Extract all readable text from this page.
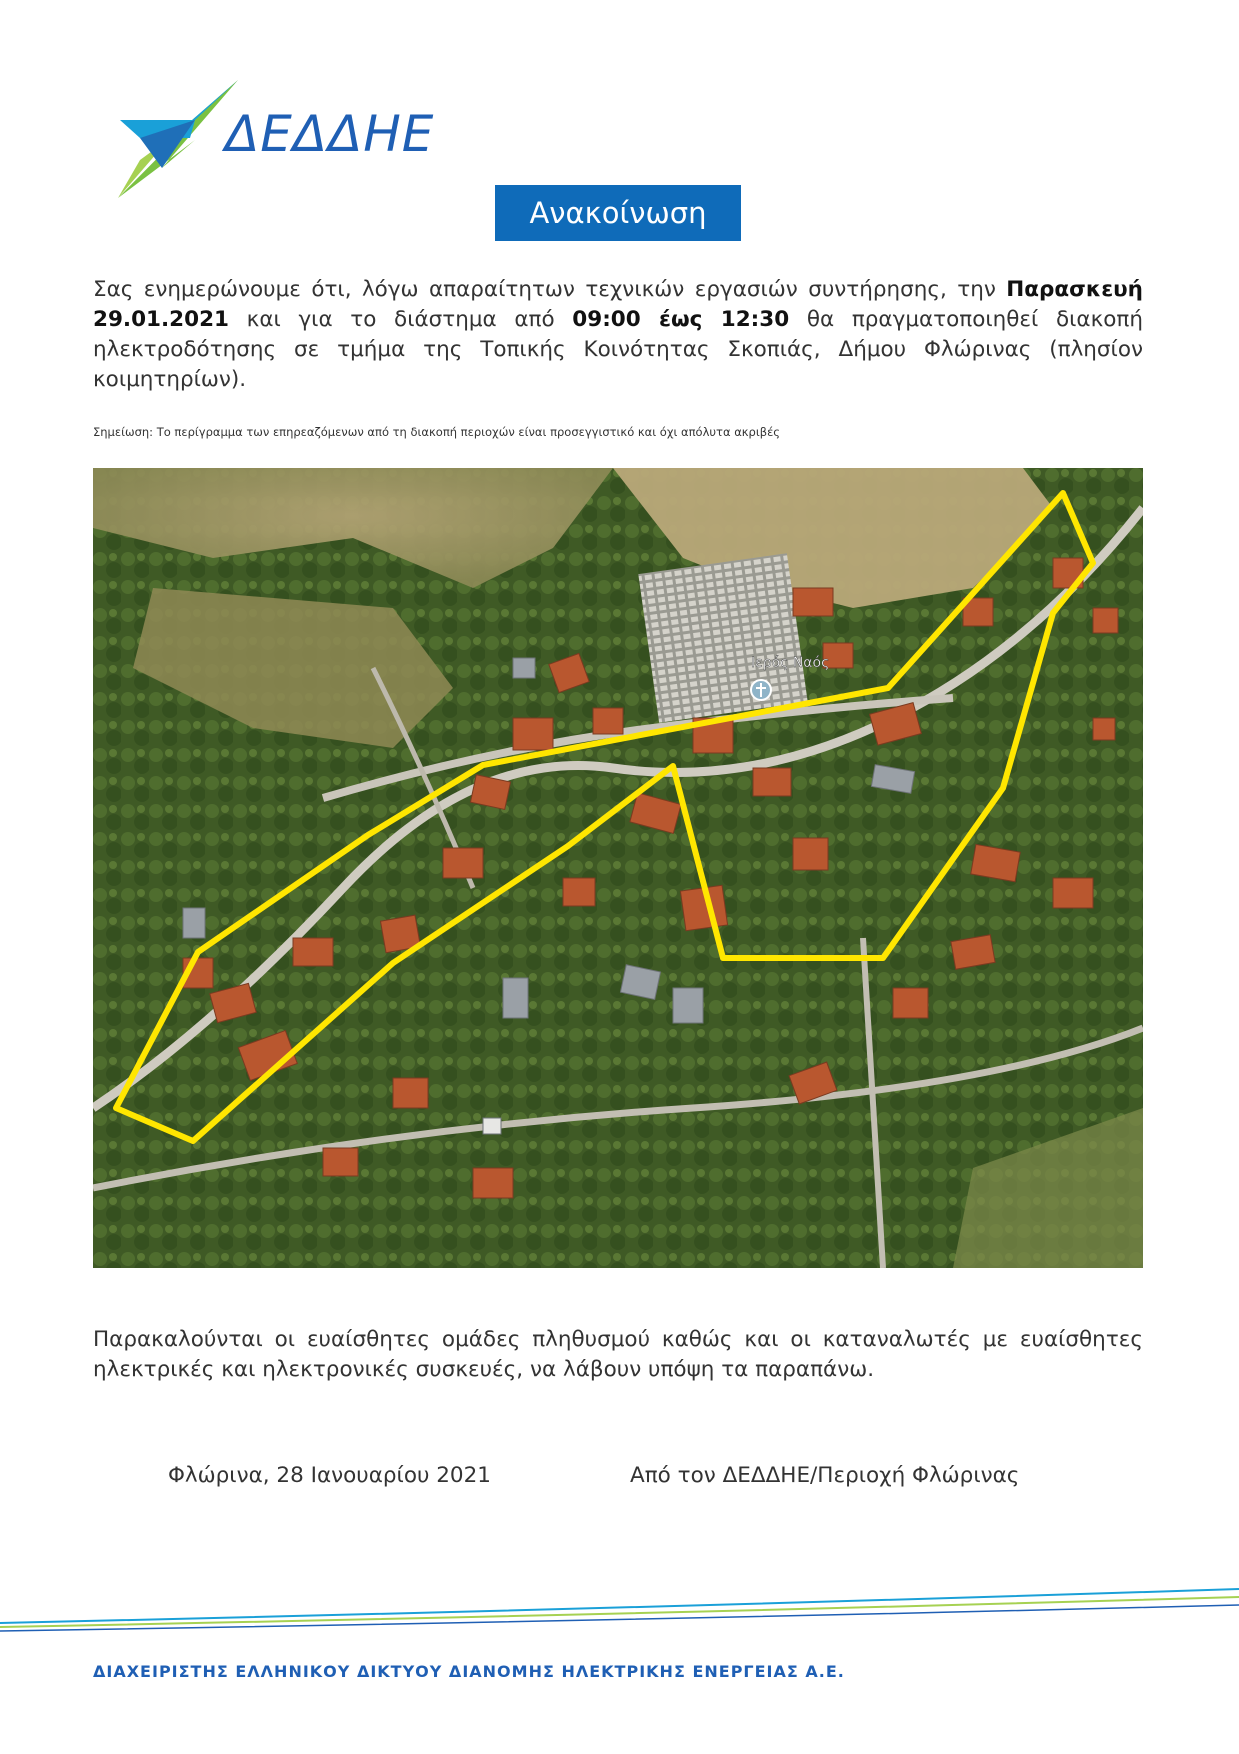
ΔΕΔΔΗΕ
Ανακοίνωση
Σας ενημερώνουμε ότι, λόγω απαραίτητων τεχνικών εργασιών συντήρησης, την Παρασκευή 29.01.2021 και για το διάστημα από 09:00 έως 12:30 θα πραγματοποιηθεί διακοπή ηλεκτροδότησης σε τμήμα της Τοπικής Κοινότητας Σκοπιάς, Δήμου Φλώρινας (πλησίον κοιμητηρίων).
Σημείωση: Το περίγραμμα των επηρεαζόμενων από τη διακοπή περιοχών είναι προσεγγιστικό και όχι απόλυτα ακριβές
Ιερός Ναός
Παρακαλούνται οι ευαίσθητες ομάδες πληθυσμού καθώς και οι καταναλωτές με ευαίσθητες ηλεκτρικές και ηλεκτρονικές συσκευές, να λάβουν υπόψη τα παραπάνω.
Φλώρινα, 28 Ιανουαρίου 2021	Από τον ΔΕΔΔΗΕ/Περιοχή Φλώρινας
ΔΙΑΧΕΙΡΙΣΤΗΣ ΕΛΛΗΝΙΚΟΥ ΔΙΚΤΥΟΥ ΔΙΑΝΟΜΗΣ ΗΛΕΚΤΡΙΚΗΣ ΕΝΕΡΓΕΙΑΣ Α.Ε.
